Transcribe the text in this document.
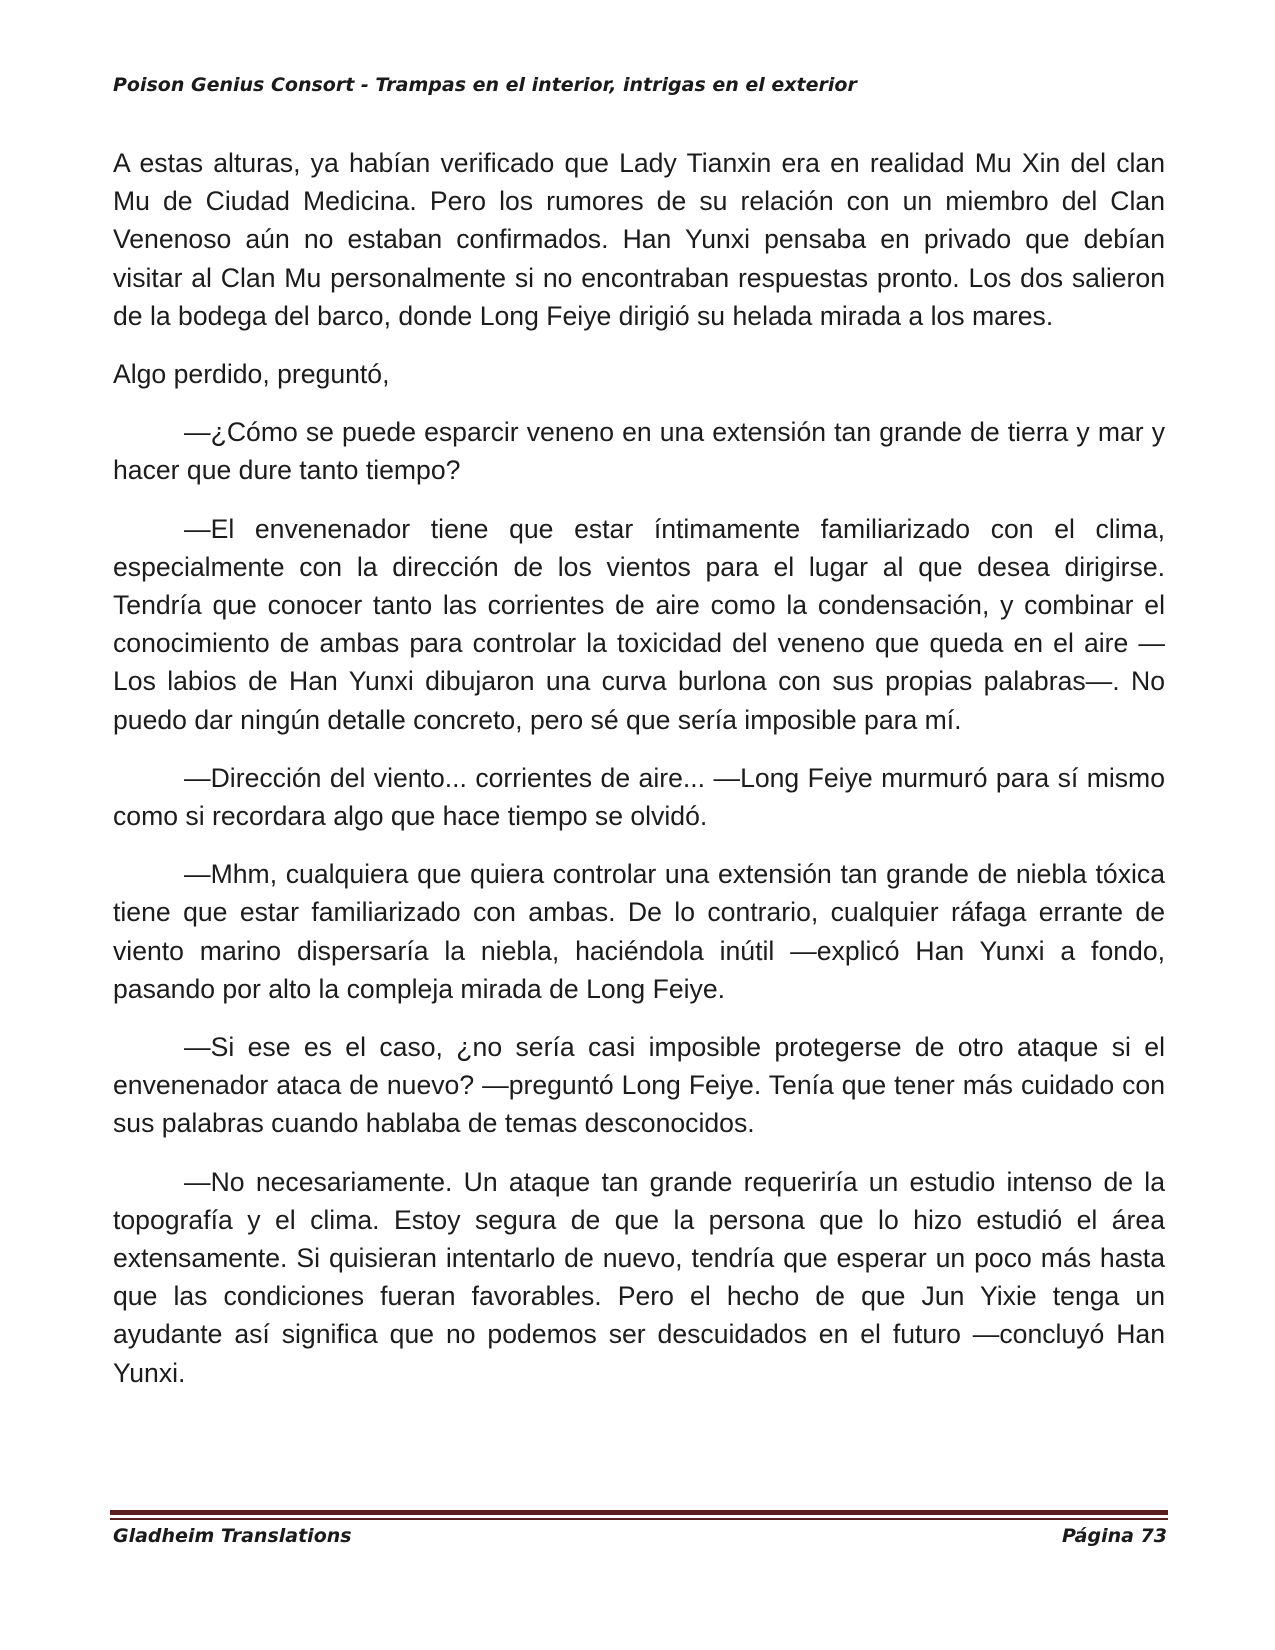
Poison Genius Consort - Trampas en el interior, intrigas en el exterior

A estas alturas, ya habían verificado que Lady Tianxin era en realidad Mu Xin del clan Mu de Ciudad Medicina. Pero los rumores de su relación con un miembro del Clan Venenoso aún no estaban confirmados. Han Yunxi pensaba en privado que debían visitar al Clan Mu personalmente si no encontraban respuestas pronto. Los dos salieron de la bodega del barco, donde Long Feiye dirigió su helada mirada a los mares.

Algo perdido, preguntó,

—¿Cómo se puede esparcir veneno en una extensión tan grande de tierra y mar y hacer que dure tanto tiempo?

—El envenenador tiene que estar íntimamente familiarizado con el clima, especialmente con la dirección de los vientos para el lugar al que desea dirigirse. Tendría que conocer tanto las corrientes de aire como la condensación, y combinar el conocimiento de ambas para controlar la toxicidad del veneno que queda en el aire —Los labios de Han Yunxi dibujaron una curva burlona con sus propias palabras—. No puedo dar ningún detalle concreto, pero sé que sería imposible para mí.

—Dirección del viento... corrientes de aire... —Long Feiye murmuró para sí mismo como si recordara algo que hace tiempo se olvidó.

—Mhm, cualquiera que quiera controlar una extensión tan grande de niebla tóxica tiene que estar familiarizado con ambas. De lo contrario, cualquier ráfaga errante de viento marino dispersaría la niebla, haciéndola inútil —explicó Han Yunxi a fondo, pasando por alto la compleja mirada de Long Feiye.

—Si ese es el caso, ¿no sería casi imposible protegerse de otro ataque si el envenenador ataca de nuevo? —preguntó Long Feiye. Tenía que tener más cuidado con sus palabras cuando hablaba de temas desconocidos.

—No necesariamente. Un ataque tan grande requeriría un estudio intenso de la topografía y el clima. Estoy segura de que la persona que lo hizo estudió el área extensamente. Si quisieran intentarlo de nuevo, tendría que esperar un poco más hasta que las condiciones fueran favorables. Pero el hecho de que Jun Yixie tenga un ayudante así significa que no podemos ser descuidados en el futuro —concluyó Han Yunxi.

Gladheim Translations	Página 73
